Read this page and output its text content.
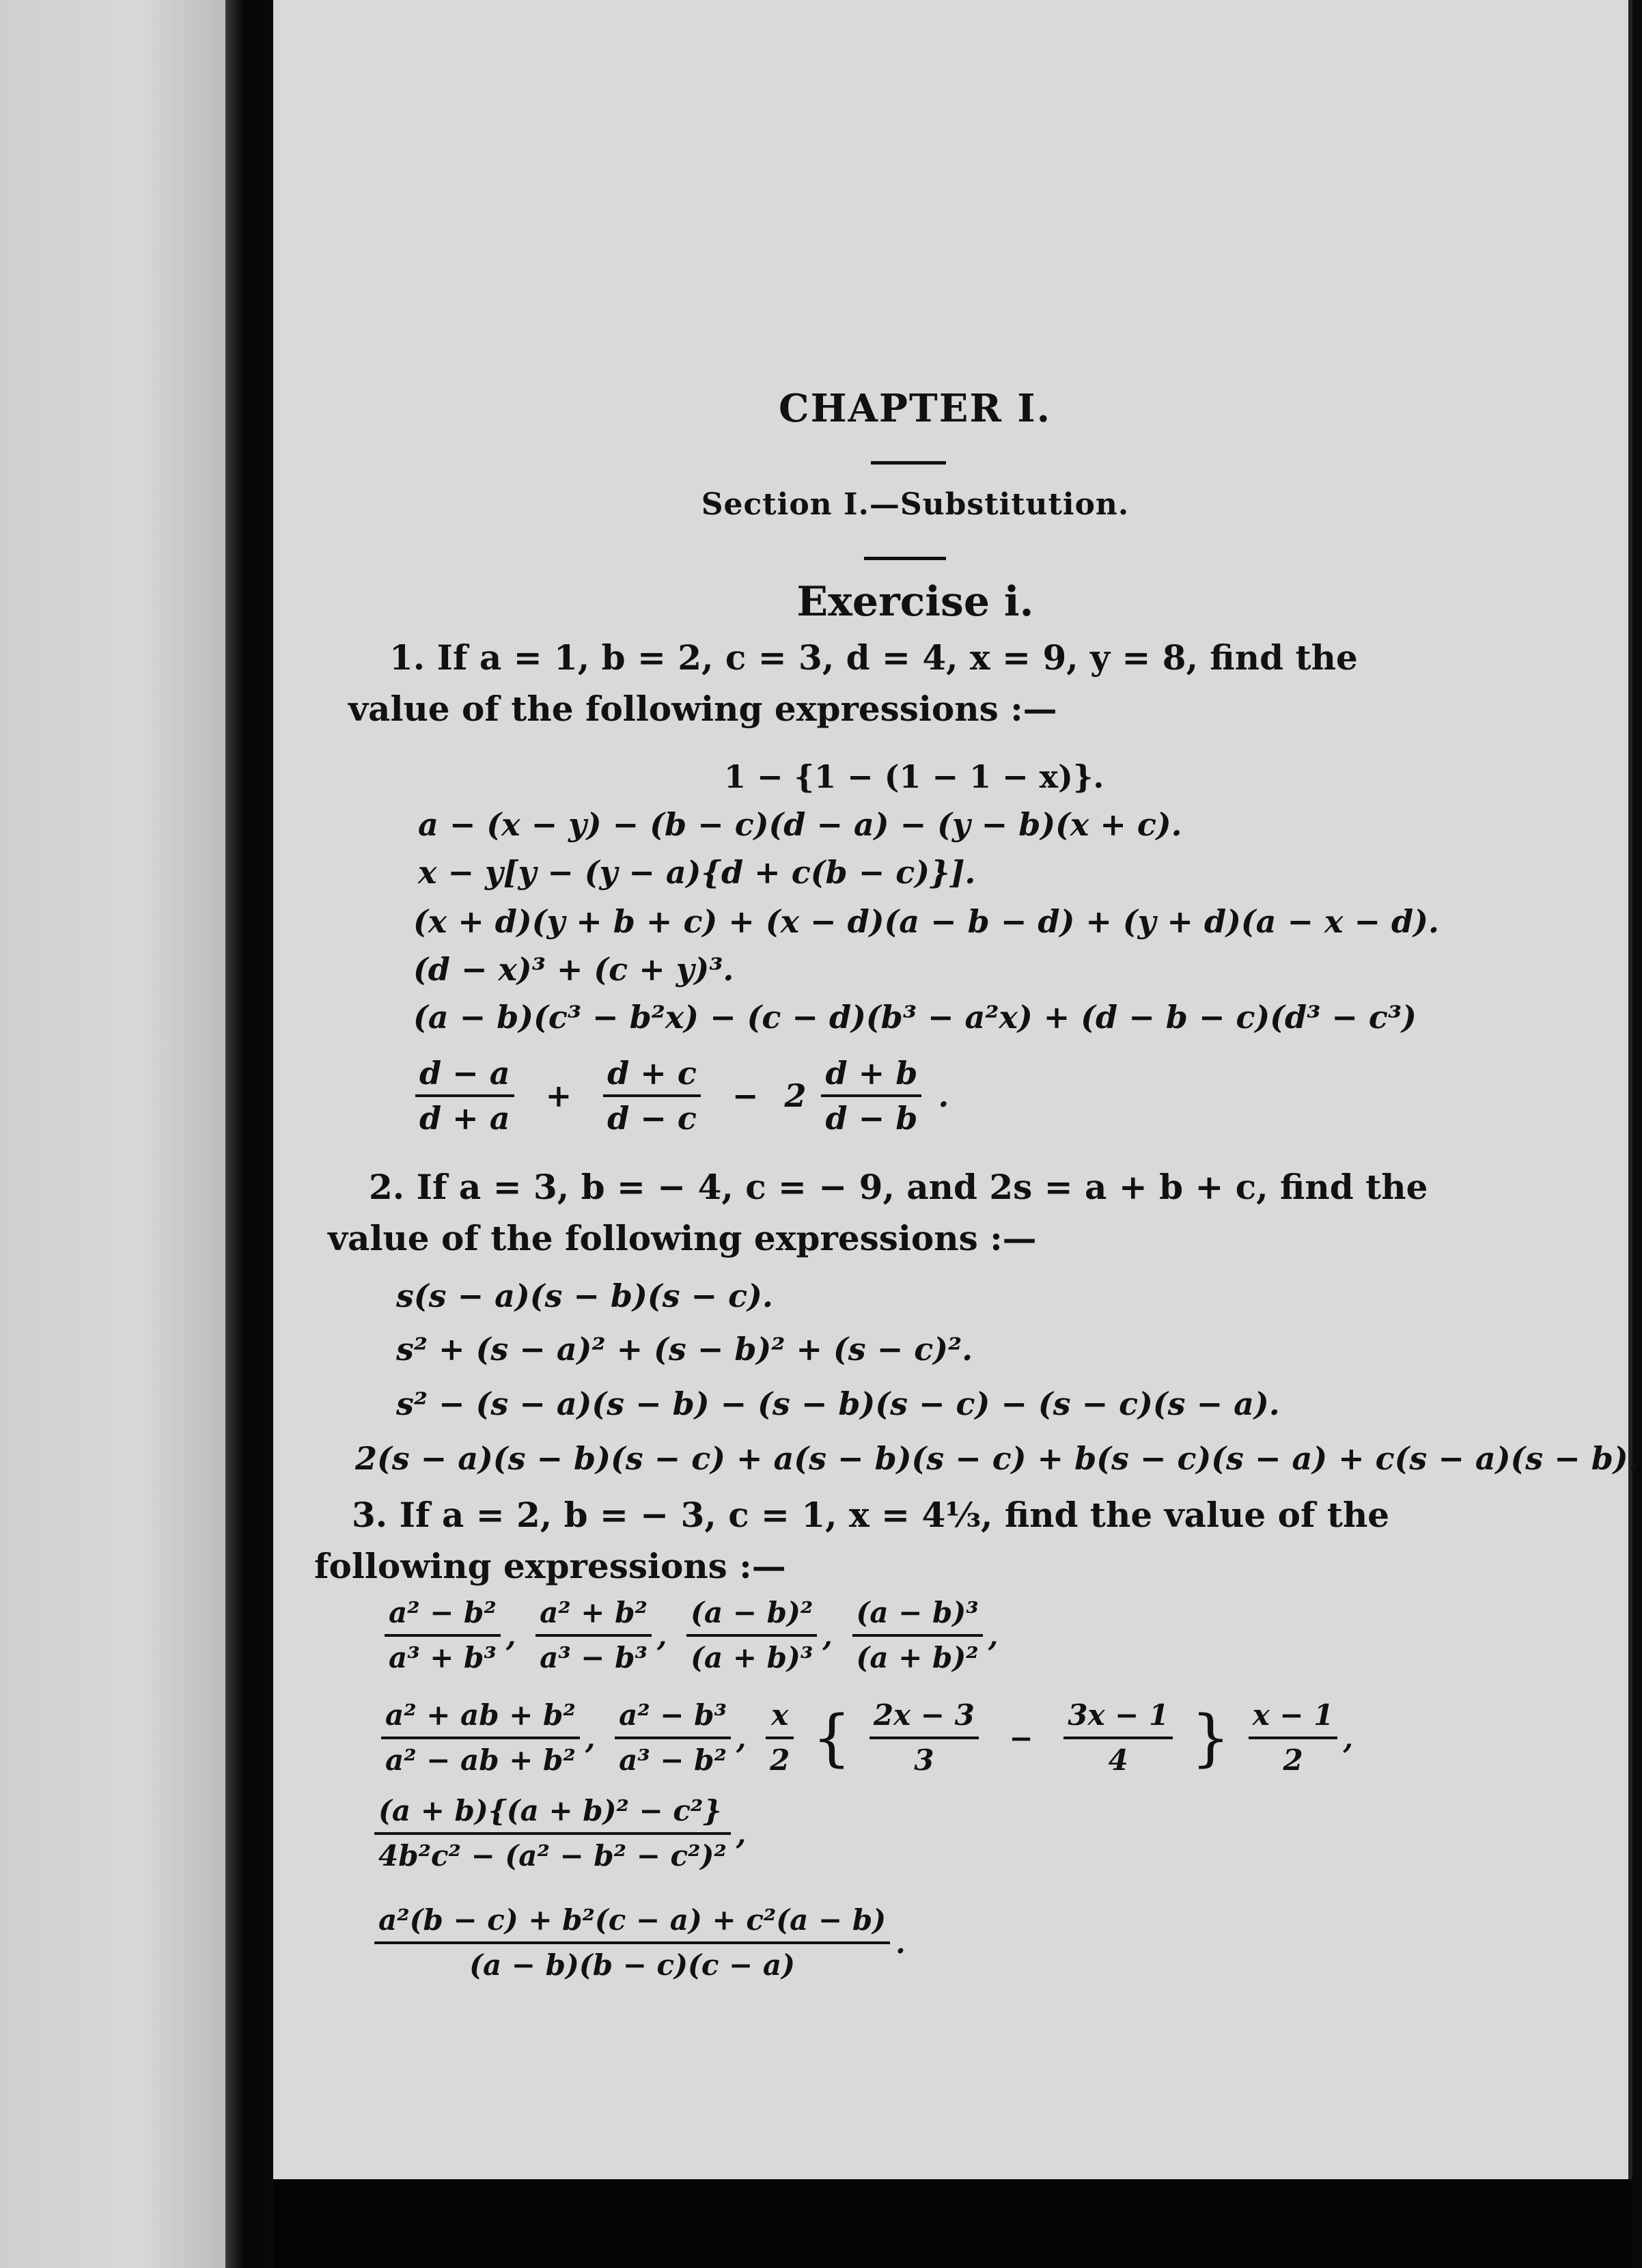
CHAPTER I.
Section I.—Substitution.
Exercise i.
1. If a = 1, b = 2, c = 3, d = 4, x = 9, y = 8, find the
value of the following expressions :—
1 − {1 − (1 − 1 − x)}.
a − (x − y) − (b − c)(d − a) − (y − b)(x + c).
x − y[y − (y − a){d + c(b − c)}].
(x + d)(y + b + c) + (x − d)(a − b − d) + (y + d)(a − x − d).
(d − x)³ + (c + y)³.
(a − b)(c³ − b²x) − (c − d)(b³ − a²x) + (d − b − c)(d³ − c³)
$\frac{d - a}{d + a} + \frac{d + c}{d - c} - 2 \frac{d + b}{d - b}$ .
2. If a = 3, b = − 4, c = − 9, and 2s = a + b + c, find the
value of the following expressions :—
s(s − a)(s − b)(s − c).
s² + (s − a)² + (s − b)² + (s − c)².
s² − (s − a)(s − b) − (s − b)(s − c) − (s − c)(s − a).
2(s − a)(s − b)(s − c) + a(s − b)(s − c) + b(s − c)(s − a) + c(s − a)(s − b).
3. If a = 2, b = − 3, c = 1, x = 4⅓, find the value of the
following expressions :—
$\frac{\text{a² − b²}}{\text{a³ + b³}}$ , $\frac{\text{a² + b²}}{\text{a³ − b³}}$ , $\frac{\text{(a − b)²}}{\text{(a + b)³}}$ , $\frac{\text{(a − b)³}}{\text{(a + b)²}}$ ,
$\frac{\text{a² + ab + b²}}{\text{a² − ab + b²}}$ , $\frac{\text{a² − b³}}{\text{a³ − b²}}$ , $\frac{x}{2}$ { $\frac{2x - 3}{3} - \frac{3x - 1}{4}$ } $\frac{x - 1}{2}$ ,
$\frac{\text{(a + b)\{(a + b)² − c²\}}}{\text{4b²c² − (a² − b² − c²)²}}$ ,
$\frac{\text{a²(b − c) + b²(c − a) + c²(a − b)}}{(a - b)(b - c)(c - a)}$ .
